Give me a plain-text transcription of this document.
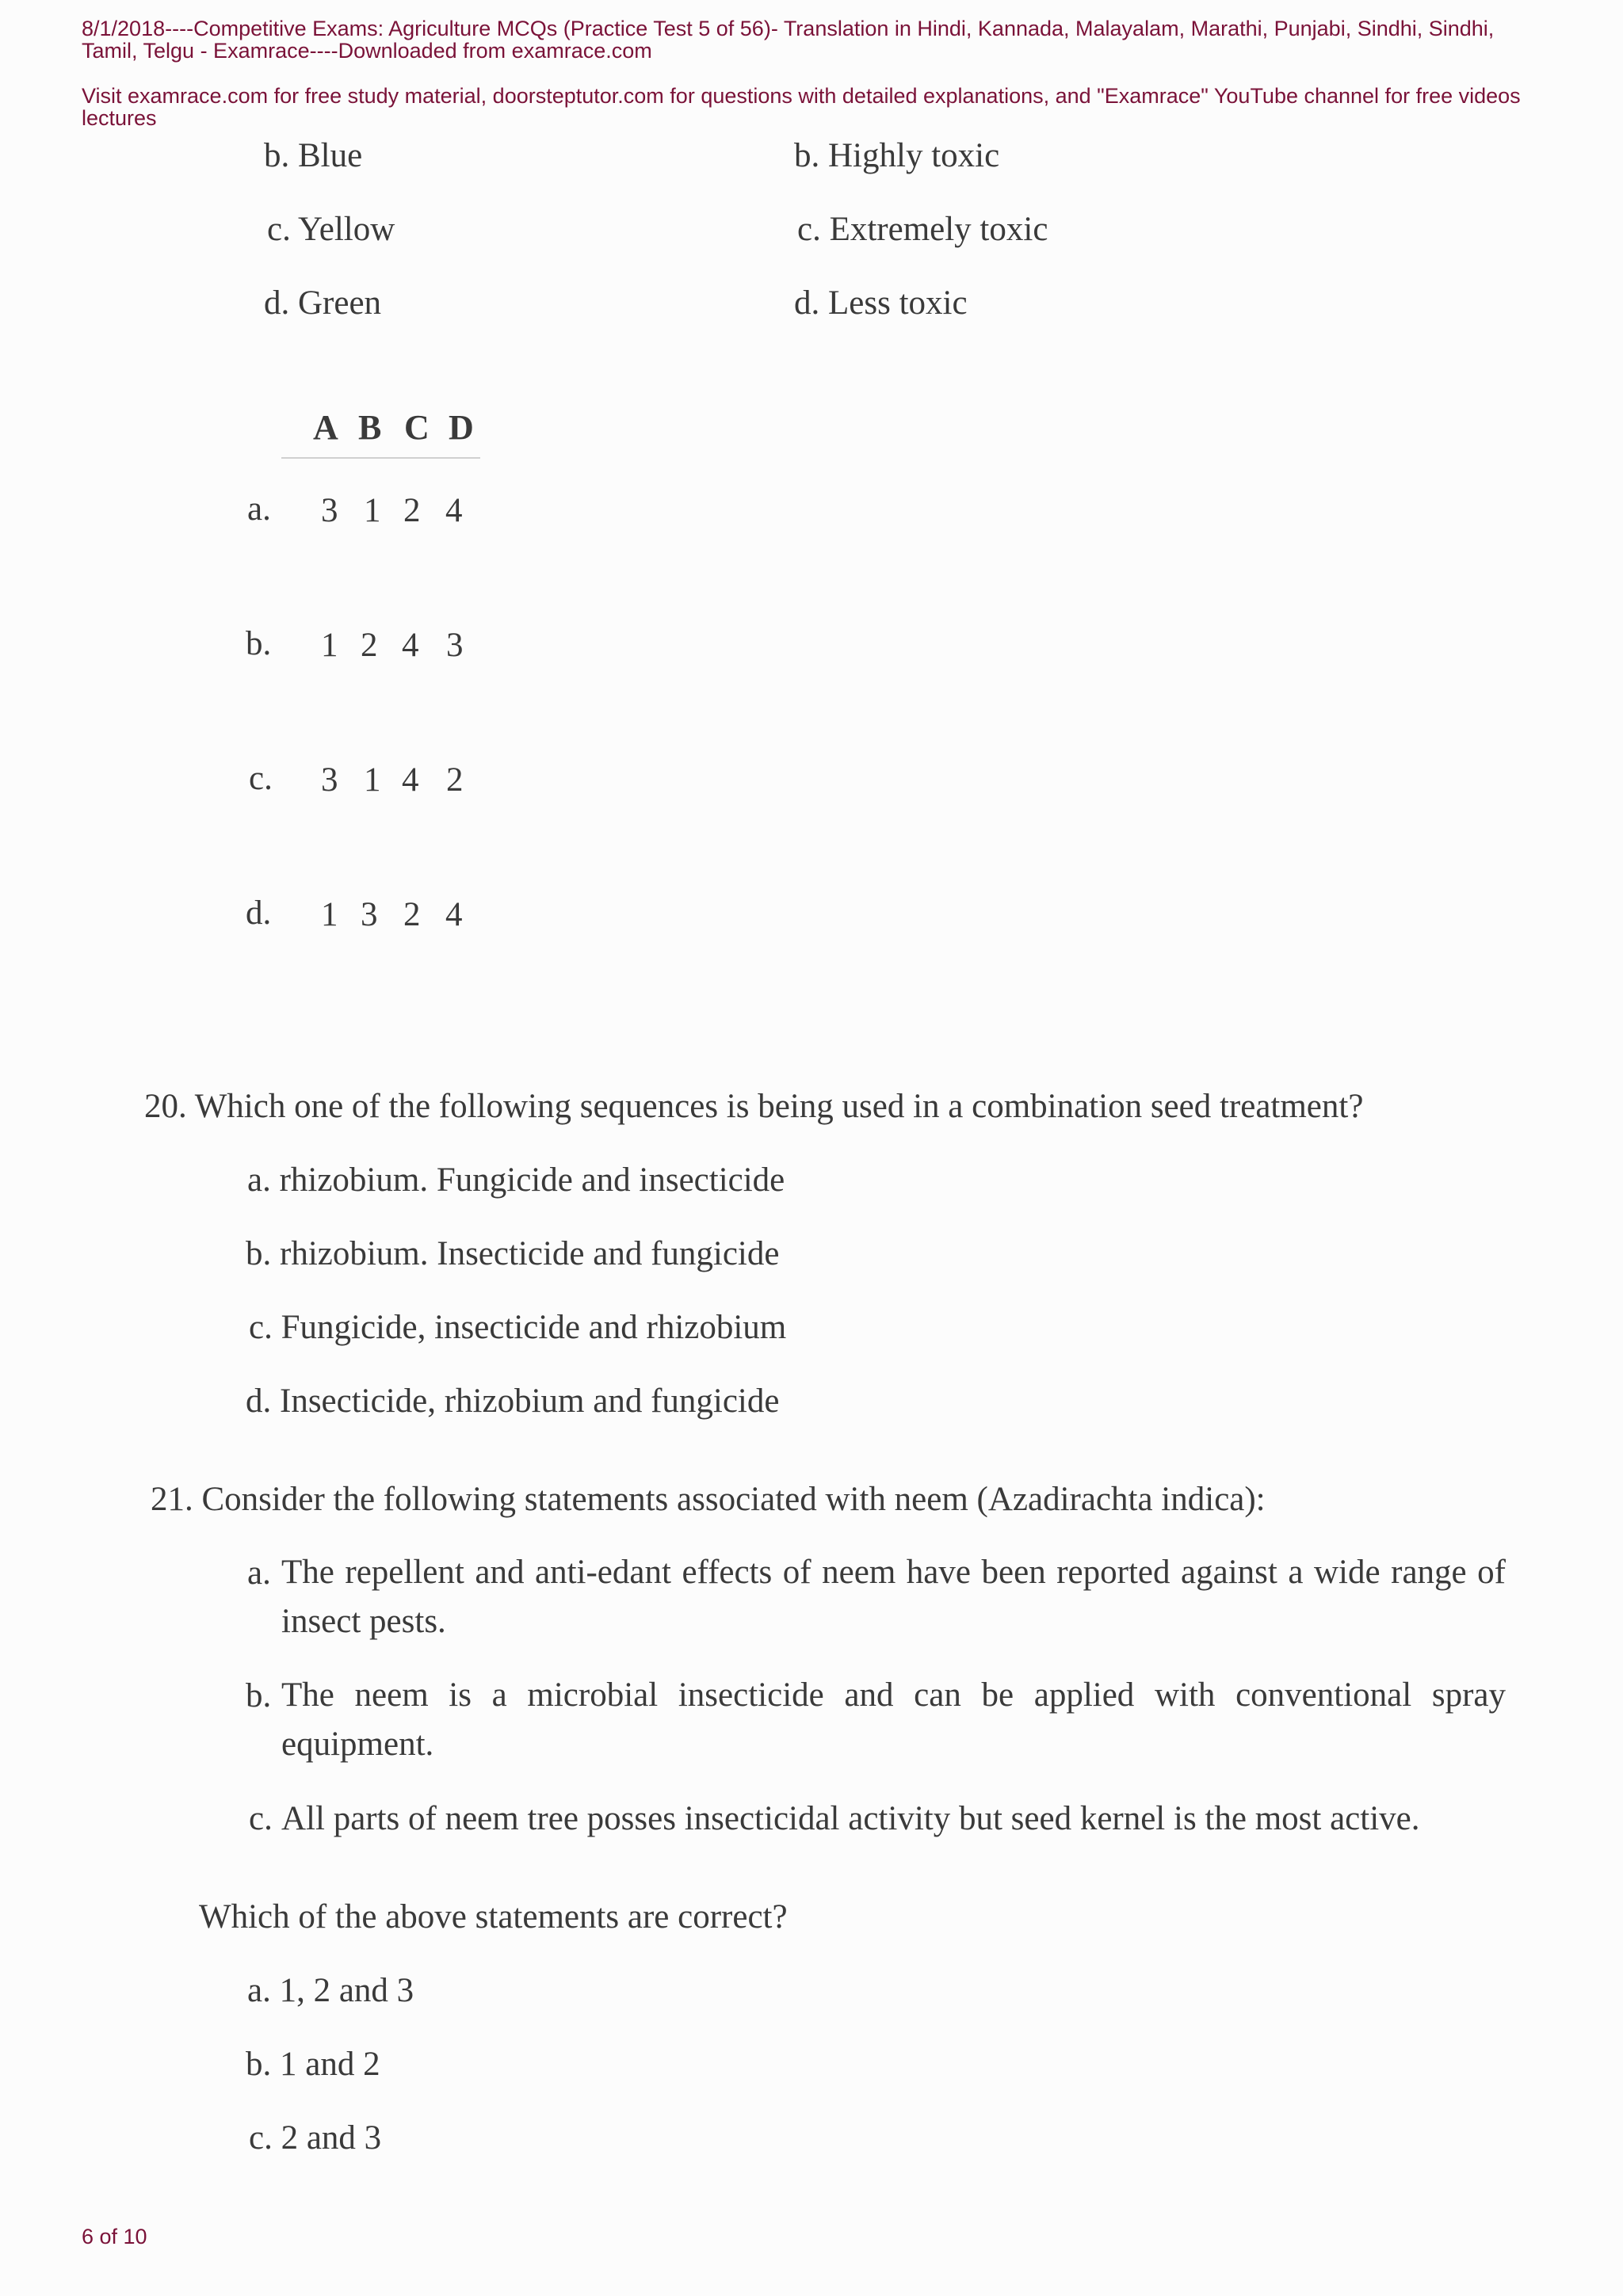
8/1/2018----Competitive Exams: Agriculture MCQs (Practice Test 5 of 56)- Translation in Hindi, Kannada, Malayalam, Marathi, Punjabi, Sindhi, Sindhi, Tamil, Telgu - Examrace----Downloaded from examrace.com
Visit examrace.com for free study material, doorsteptutor.com for questions with detailed explanations, and "Examrace" YouTube channel for free videos lectures
b. Blue
c. Yellow
d. Green
b. Highly toxic
c. Extremely toxic
d. Less toxic
A B C D
a. 3 1 2 4
b. 1 2 4 3
c. 3 1 4 2
d. 1 3 2 4
20. Which one of the following sequences is being used in a combination seed treatment?
a. rhizobium. Fungicide and insecticide
b. rhizobium. Insecticide and fungicide
c. Fungicide, insecticide and rhizobium
d. Insecticide, rhizobium and fungicide
21. Consider the following statements associated with neem (Azadirachta indica):
a. The repellent and anti-edant effects of neem have been reported against a wide range of insect pests.
b. The neem is a microbial insecticide and can be applied with conventional spray equipment.
c. All parts of neem tree posses insecticidal activity but seed kernel is the most active.
Which of the above statements are correct?
a. 1, 2 and 3
b. 1 and 2
c. 2 and 3
6 of 10
